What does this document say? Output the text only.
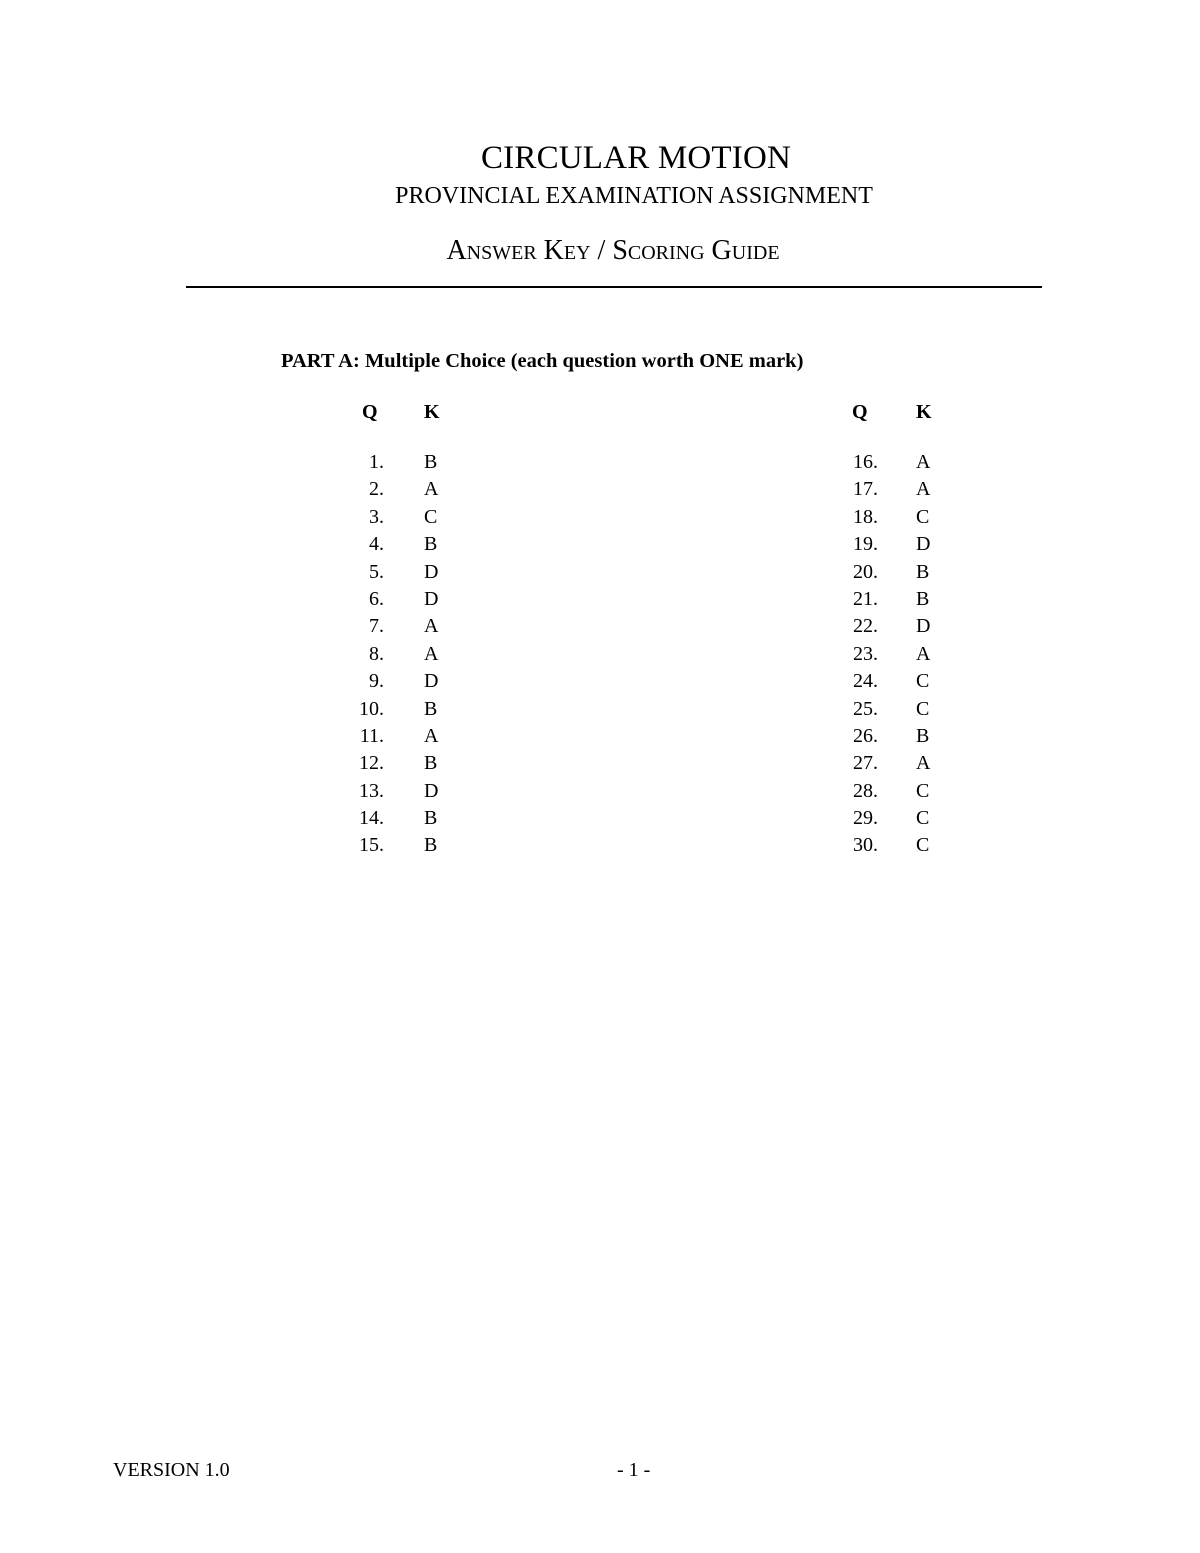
CIRCULAR MOTION
PROVINCIAL EXAMINATION ASSIGNMENT
Answer Key / Scoring Guide
PART A: Multiple Choice (each question worth ONE mark)
Q K	Q K
1. B
2. A
3. C
4. B
5. D
6. D
7. A
8. A
9. D
10. B
11. A
12. B
13. D
14. B
15. B
16. A
17. A
18. C
19. D
20. B
21. B
22. D
23. A
24. C
25. C
26. B
27. A
28. C
29. C
30. C
VERSION 1.0	- 1 -
